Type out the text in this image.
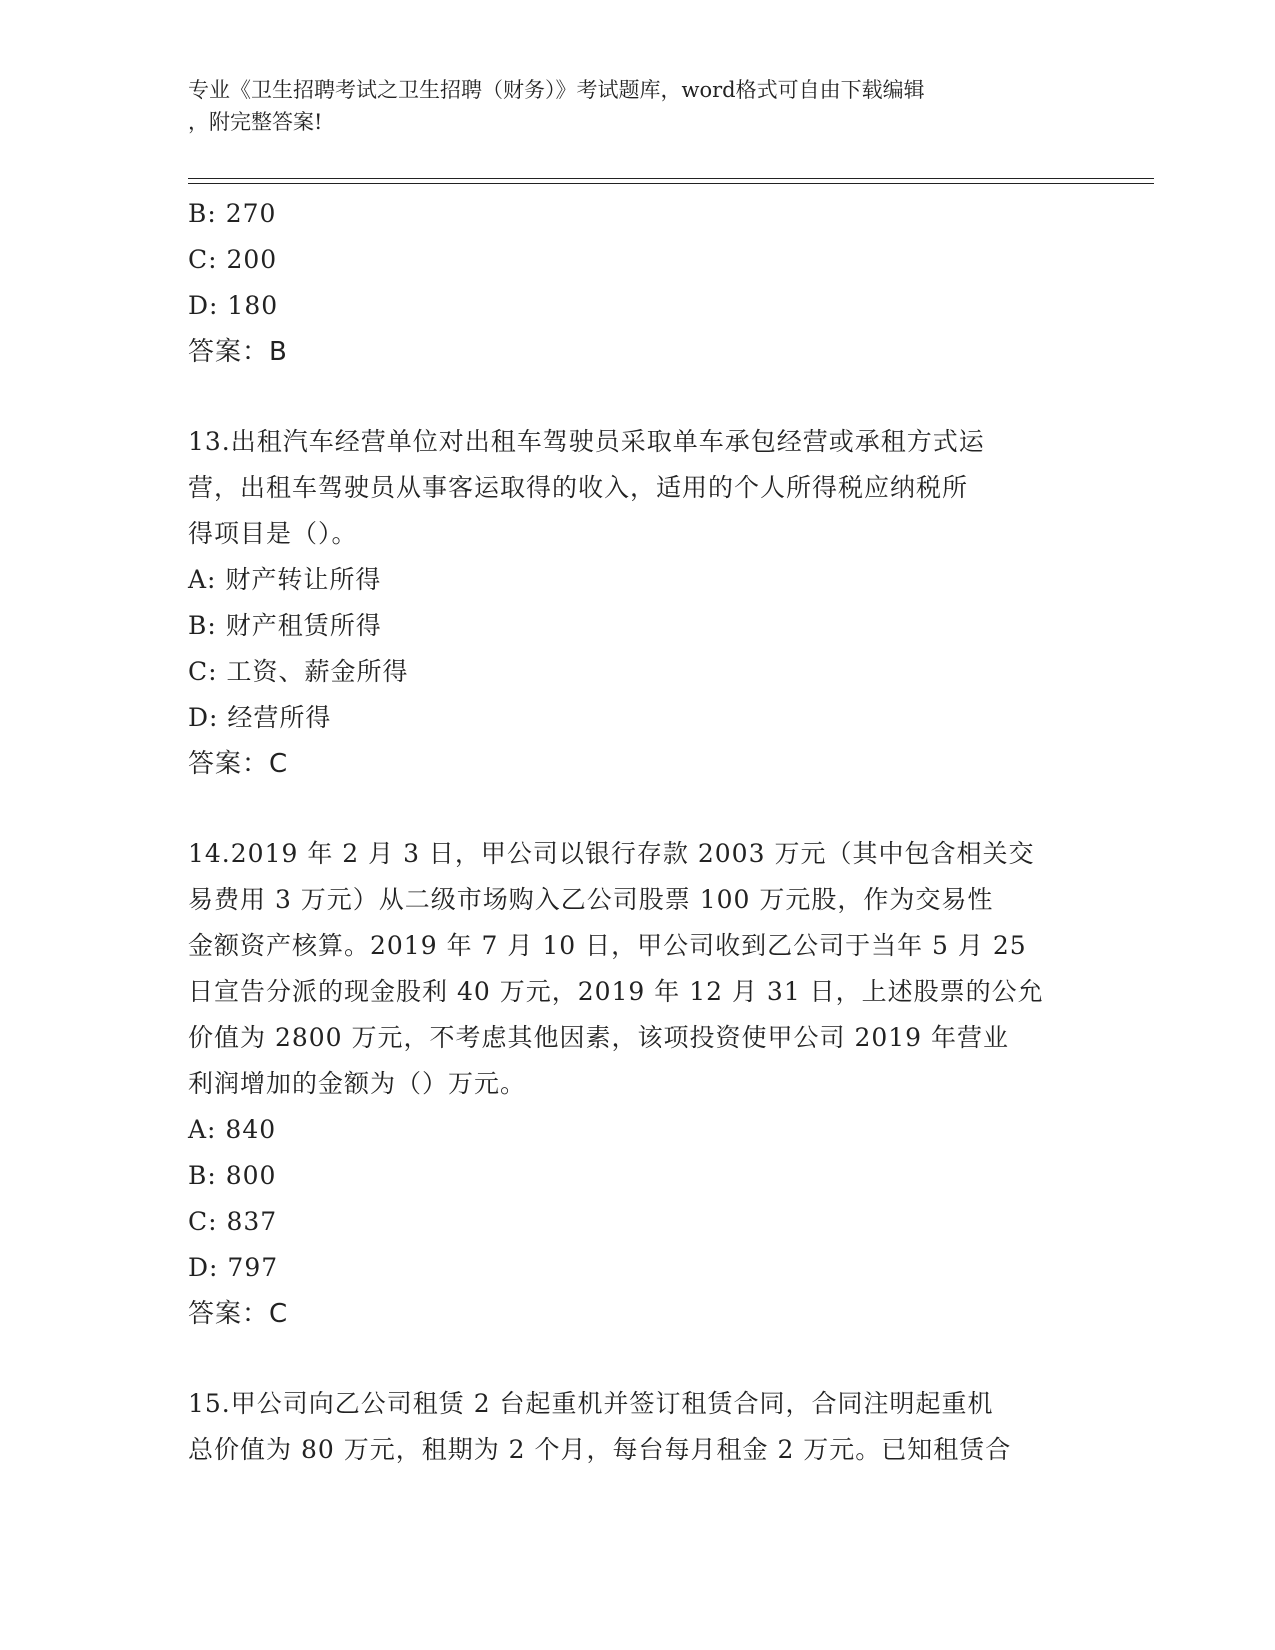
专业《卫生招聘考试之卫生招聘（财务）》考试题库，word格式可自由下载编辑
，附完整答案!
B: 270
C: 200
D: 180
答案：B
13.出租汽车经营单位对出租车驾驶员采取单车承包经营或承租方式运
营，出租车驾驶员从事客运取得的收入，适用的个人所得税应纳税所
得项目是（）。
A: 财产转让所得
B: 财产租赁所得
C: 工资、薪金所得
D: 经营所得
答案：C
14.2019 年 2 月 3 日，甲公司以银行存款 2003 万元（其中包含相关交
易费用 3 万元）从二级市场购入乙公司股票 100 万元股，作为交易性
金额资产核算。2019 年 7 月 10 日，甲公司收到乙公司于当年 5 月 25
日宣告分派的现金股利 40 万元，2019 年 12 月 31 日，上述股票的公允
价值为 2800 万元，不考虑其他因素，该项投资使甲公司 2019 年营业
利润增加的金额为（）万元。
A: 840
B: 800
C: 837
D: 797
答案：C
15.甲公司向乙公司租赁 2 台起重机并签订租赁合同，合同注明起重机
总价值为 80 万元，租期为 2 个月，每台每月租金 2 万元。已知租赁合
